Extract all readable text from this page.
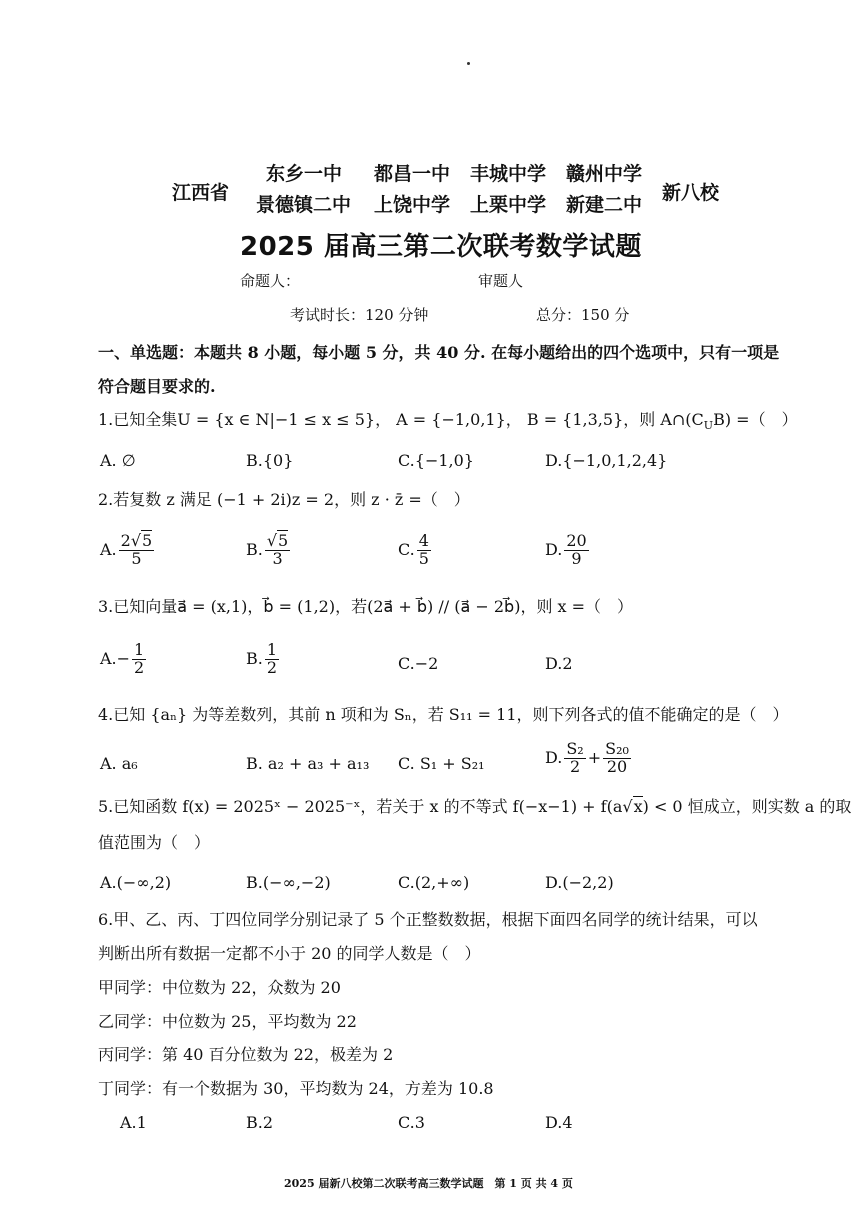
江西省
东乡一中 都昌一中 丰城中学 赣州中学
景德镇二中 上饶中学 上栗中学 新建二中
新八校
2025 届高三第二次联考数学试题
命题人：	审题人
考试时长：120 分钟	总分：150 分
一、单选题：本题共 8 小题，每小题 5 分，共 40 分. 在每小题给出的四个选项中，只有一项是
符合题目要求的.
1.已知全集U = {x ∈ N|−1 ≤ x ≤ 5}， A = {−1,0,1}， B = {1,3,5}，则 $A\cap(C_UB)$ =（　）
A. ∅	B.{0}	C.{−1,0}	D.{−1,0,1,2,4}
2.若复数 z 满足 (−1 + 2i)z = 2，则 z · z̄ =（　）
A. $\frac{2√5}{5}$	B. $\frac{√5}{3}$	C. $\frac{4}{5}$	D. $\frac{20}{9}$
3.已知向量a⃗ = (x,1)，b⃗ = (1,2)，若(2a⃗ + b⃗) // (a⃗ − 2b⃗)，则 x =（　）
$A.- \frac{1}{2}$	B. $\frac{1}{2}$	C.−2	D.2
4.已知 {aₙ} 为等差数列，其前 n 项和为 Sₙ，若 S₁₁ = 11，则下列各式的值不能确定的是（　）
A. a₆	B. a₂ + a₃ + a₁₃ C. S₁ + S₂₁	D. $\frac{\text{S₂}}{2} + \frac{\text{S₂₀}}{20}$
5.已知函数 f(x) = 2025ˣ − 2025⁻ˣ，若关于 x 的不等式 f(−x−1) + f(a√x) < 0 恒成立，则实数 a 的取
值范围为（　）
A.(−∞,2)	B.(−∞,−2)	C.(2,+∞)	D.(−2,2)
6.甲、乙、丙、丁四位同学分别记录了 5 个正整数数据，根据下面四名同学的统计结果，可以
判断出所有数据一定都不小于 20 的同学人数是（　）
甲同学：中位数为 22，众数为 20
乙同学：中位数为 25，平均数为 22
丙同学：第 40 百分位数为 22，极差为 2
丁同学：有一个数据为 30，平均数为 24，方差为 10.8
A.1	B.2	C.3	D.4
2025 届新八校第二次联考高三数学试题　第 1 页 共 4 页
